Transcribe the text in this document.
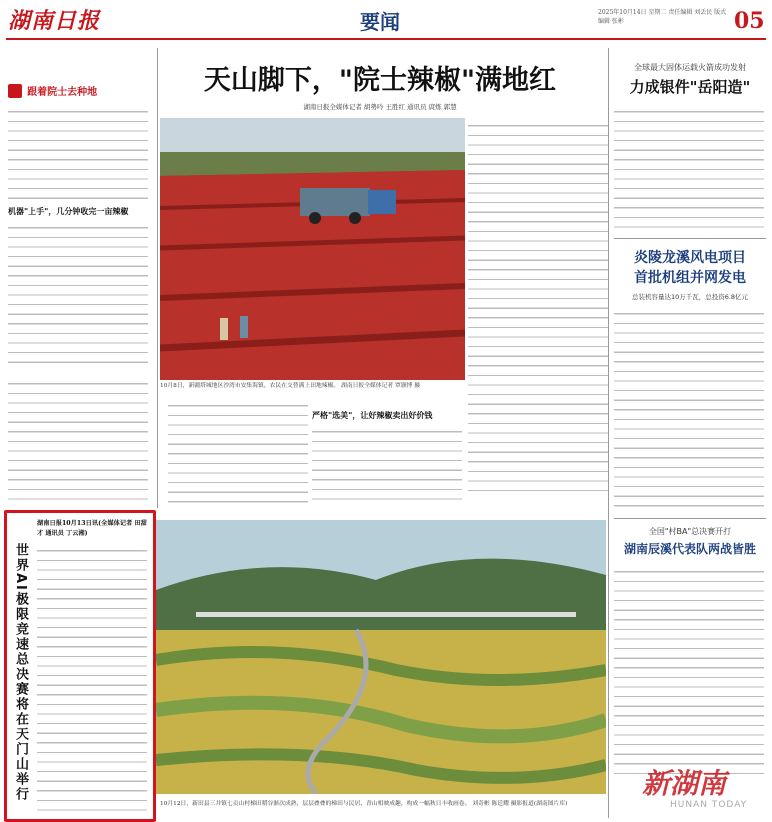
湖南日报	要闻	2025年10月14日 星期二 责任编辑 刘丢民 版式编辑 张彬	05
跟着院士去种地
机器"上手"，几分钟收完一亩辣椒
世界AI极限竞速总决赛将在天门山举行
湖南日报10月13日讯(全媒体记者 田甜才 通讯员 丁云湘)
天山脚下，"院士辣椒"满地红
湖南日报全媒体记者 胡勢吟 王胜红 通讯员 庹炼 郭慧
10月8日，新疆塔城地区沙湾市安集海镇，农民在交替满上田地辣椒。 湖南日报全媒体记者 覃颢博 摄
严格"选美"，让好辣椒卖出好价钱
全球最大固体运载火箭成功发射
力成银件"岳阳造"
炎陵龙溪风电项目
首批机组并网发电
总装机容量达10万千瓦，总投资6.8亿元
全国"村BA"总决赛开打
湖南辰溪代表队两战皆胜
10月12日，新田县三井镇七贡山村梯田稻谷渐次成熟，层层叠叠的梯田与民居、青山相映成趣，构成一幅秋日丰收画卷。 刘奇彬 陈廷耀 摄影报道(湖南图片库)
新湖南
HUNAN TODAY
